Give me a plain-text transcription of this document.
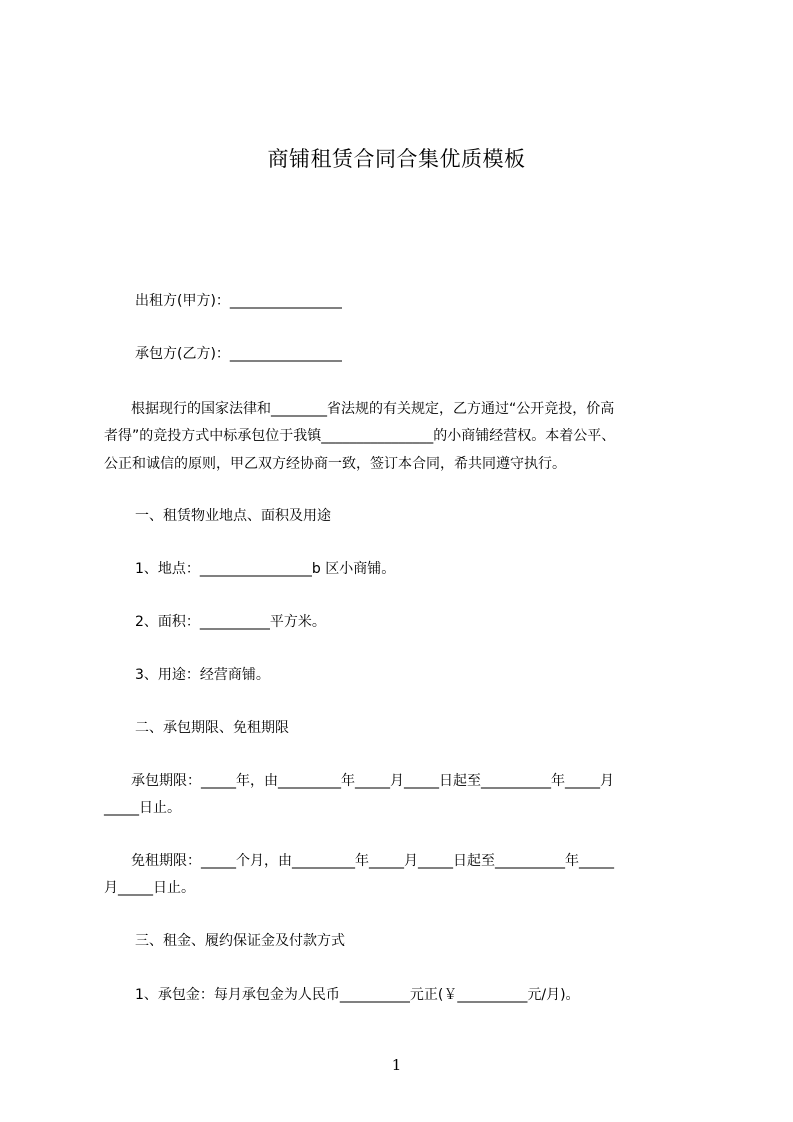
商铺租赁合同合集优质模板
出租方(甲方)：________________
承包方(乙方)：________________
根据现行的国家法律和________省法规的有关规定，乙方通过“公开竞投，价高
者得”的竞投方式中标承包位于我镇________________的小商铺经营权。本着公平、
公正和诚信的原则，甲乙双方经协商一致，签订本合同，希共同遵守执行。
一、租赁物业地点、面积及用途
1、地点：________________b 区小商铺。
2、面积：__________平方米。
3、用途：经营商铺。
二、承包期限、免租期限
承包期限：_____年，由_________年_____月_____日起至__________年_____月
_____日止。
免租期限：_____个月，由_________年_____月_____日起至__________年_____
月_____日止。
三、租金、履约保证金及付款方式
1、承包金：每月承包金为人民币__________元正(￥__________元/月)。
1
